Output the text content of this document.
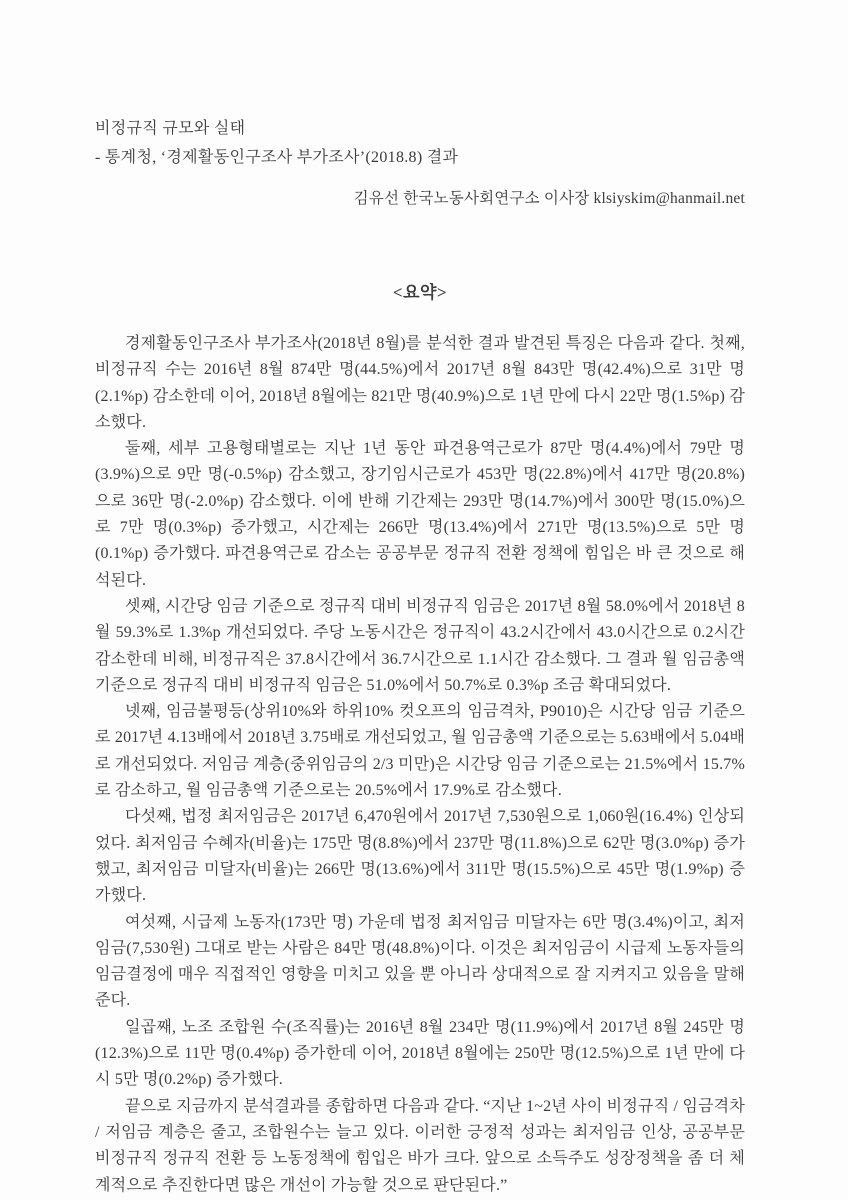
비정규직 규모와 실태
- 통계청, ‘경제활동인구조사 부가조사’(2018.8) 결과
김유선 한국노동사회연구소 이사장 klsiyskim@hanmail.net
<요약>

경제활동인구조사 부가조사(2018년 8월)를 분석한 결과 발견된 특징은 다음과 같다. 첫째, 비정규직 수는 2016년 8월 874만 명(44.5%)에서 2017년 8월 843만 명(42.4%)으로 31만 명(2.1%p) 감소한데 이어, 2018년 8월에는 821만 명(40.9%)으로 1년 만에 다시 22만 명(1.5%p) 감소했다.

둘째, 세부 고용형태별로는 지난 1년 동안 파견용역근로가 87만 명(4.4%)에서 79만 명(3.9%)으로 9만 명(-0.5%p) 감소했고, 장기임시근로가 453만 명(22.8%)에서 417만 명(20.8%)으로 36만 명(-2.0%p) 감소했다. 이에 반해 기간제는 293만 명(14.7%)에서 300만 명(15.0%)으로 7만 명(0.3%p) 증가했고, 시간제는 266만 명(13.4%)에서 271만 명(13.5%)으로 5만 명(0.1%p) 증가했다. 파견용역근로 감소는 공공부문 정규직 전환 정책에 힘입은 바 큰 것으로 해석된다.

셋째, 시간당 임금 기준으로 정규직 대비 비정규직 임금은 2017년 8월 58.0%에서 2018년 8월 59.3%로 1.3%p 개선되었다. 주당 노동시간은 정규직이 43.2시간에서 43.0시간으로 0.2시간 감소한데 비해, 비정규직은 37.8시간에서 36.7시간으로 1.1시간 감소했다. 그 결과 월 임금총액 기준으로 정규직 대비 비정규직 임금은 51.0%에서 50.7%로 0.3%p 조금 확대되었다.

넷째, 임금불평등(상위10%와 하위10% 컷오프의 임금격차, P9010)은 시간당 임금 기준으로 2017년 4.13배에서 2018년 3.75배로 개선되었고, 월 임금총액 기준으로는 5.63배에서 5.04배로 개선되었다. 저임금 계층(중위임금의 2/3 미만)은 시간당 임금 기준으로는 21.5%에서 15.7%로 감소하고, 월 임금총액 기준으로는 20.5%에서 17.9%로 감소했다.

다섯째, 법정 최저임금은 2017년 6,470원에서 2017년 7,530원으로 1,060원(16.4%) 인상되었다. 최저임금 수혜자(비율)는 175만 명(8.8%)에서 237만 명(11.8%)으로 62만 명(3.0%p) 증가했고, 최저임금 미달자(비율)는 266만 명(13.6%)에서 311만 명(15.5%)으로 45만 명(1.9%p) 증가했다.

여섯째, 시급제 노동자(173만 명) 가운데 법정 최저임금 미달자는 6만 명(3.4%)이고, 최저임금(7,530원) 그대로 받는 사람은 84만 명(48.8%)이다. 이것은 최저임금이 시급제 노동자들의 임금결정에 매우 직접적인 영향을 미치고 있을 뿐 아니라 상대적으로 잘 지켜지고 있음을 말해준다.

일곱째, 노조 조합원 수(조직률)는 2016년 8월 234만 명(11.9%)에서 2017년 8월 245만 명(12.3%)으로 11만 명(0.4%p) 증가한데 이어, 2018년 8월에는 250만 명(12.5%)으로 1년 만에 다시 5만 명(0.2%p) 증가했다.

끝으로 지금까지 분석결과를 종합하면 다음과 같다. “지난 1~2년 사이 비정규직 / 임금격차 / 저임금 계층은 줄고, 조합원수는 늘고 있다. 이러한 긍정적 성과는 최저임금 인상, 공공부문 비정규직 정규직 전환 등 노동정책에 힘입은 바가 크다. 앞으로 소득주도 성장정책을 좀 더 체계적으로 추진한다면 많은 개선이 가능할 것으로 판단된다.”
